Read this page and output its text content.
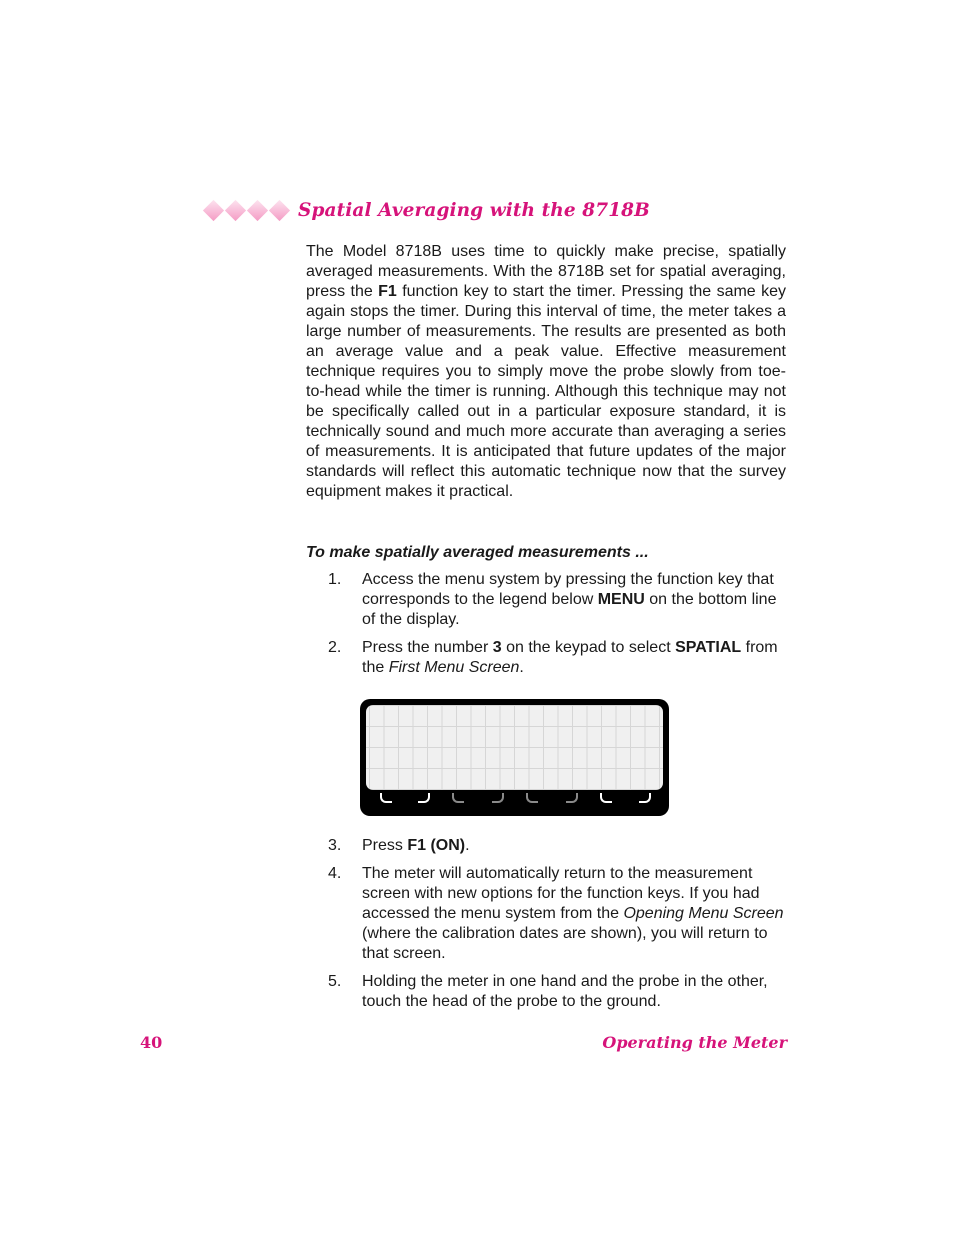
Spatial Averaging with the 8718B

The Model 8718B uses time to quickly make precise, spatially averaged measurements. With the 8718B set for spatial averaging, press the F1 function key to start the timer. Pressing the same key again stops the timer. During this interval of time, the meter takes a large number of measurements. The results are presented as both an average value and a peak value. Effective measurement technique requires you to simply move the probe slowly from toe-to-head while the timer is running. Although this technique may not be specifically called out in a particular exposure standard, it is technically sound and much more accurate than averaging a series of measurements. It is anticipated that future updates of the major standards will reflect this automatic technique now that the survey equipment makes it practical.

To make spatially averaged measurements ...

1. Access the menu system by pressing the function key that corresponds to the legend below MENU on the bottom line of the display.
2. Press the number 3 on the keypad to select SPATIAL from the First Menu Screen.
3. Press F1 (ON).
4. The meter will automatically return to the measurement screen with new options for the function keys. If you had accessed the menu system from the Opening Menu Screen (where the calibration dates are shown), you will return to that screen.
5. Holding the meter in one hand and the probe in the other, touch the head of the probe to the ground.
40	Operating the Meter
